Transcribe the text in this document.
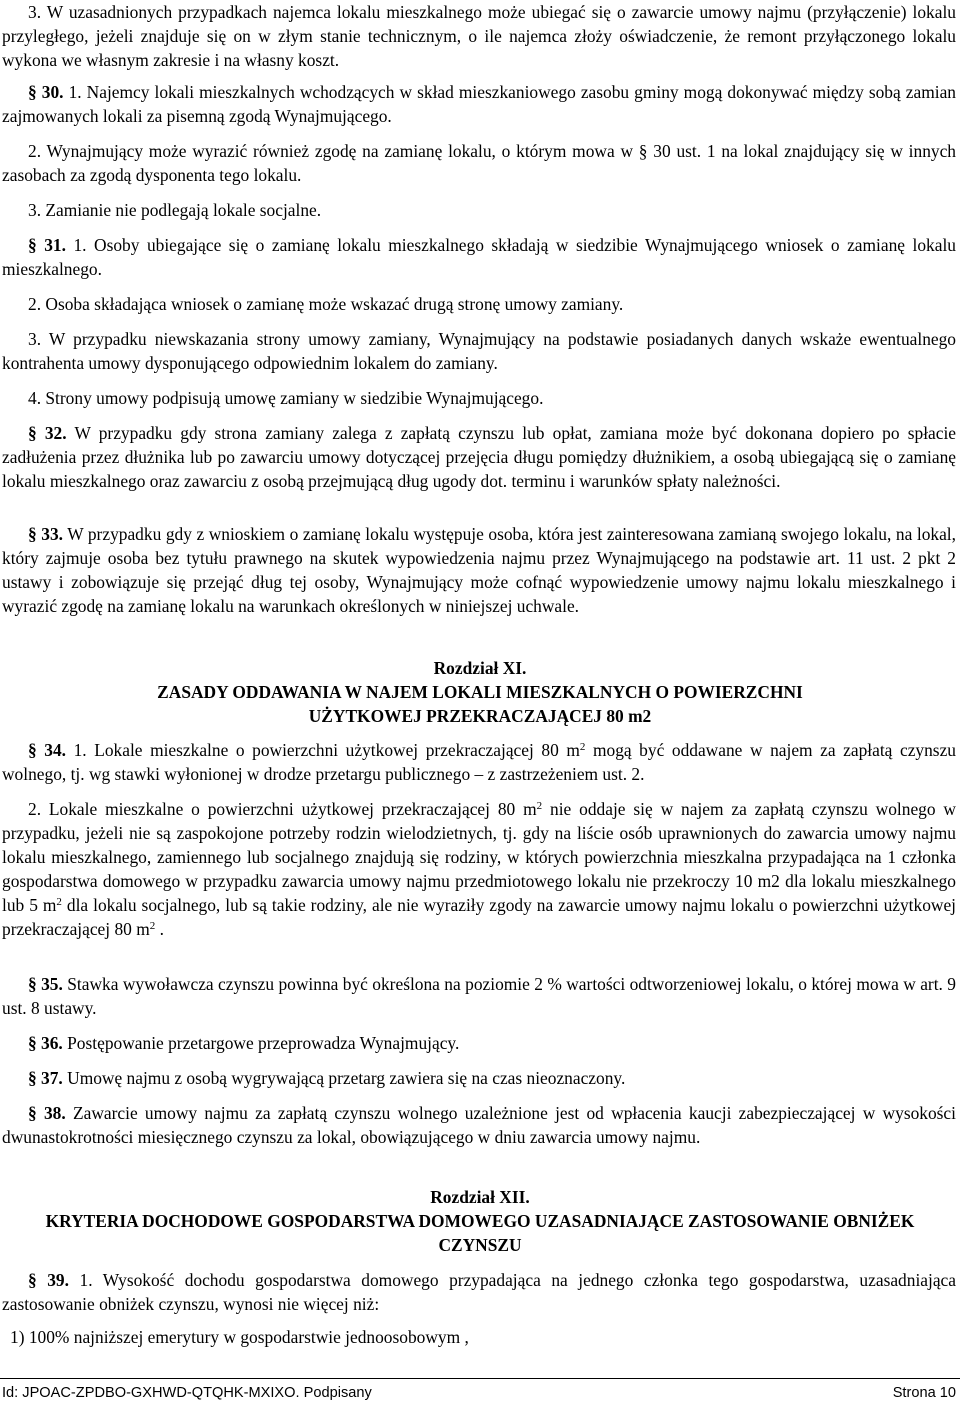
3. W uzasadnionych przypadkach najemca lokalu mieszkalnego może ubiegać się o zawarcie umowy najmu (przyłączenie) lokalu przyległego, jeżeli znajduje się on w złym stanie technicznym, o ile najemca złoży oświadczenie, że remont przyłączonego lokalu wykona we własnym zakresie i na własny koszt.

§ 30. 1. Najemcy lokali mieszkalnych wchodzących w skład mieszkaniowego zasobu gminy mogą dokonywać między sobą zamian zajmowanych lokali za pisemną zgodą Wynajmującego.

2. Wynajmujący może wyrazić również zgodę na zamianę lokalu, o którym mowa w § 30 ust. 1 na lokal znajdujący się w innych zasobach za zgodą dysponenta tego lokalu.

3. Zamianie nie podlegają lokale socjalne.

§ 31. 1. Osoby ubiegające się o zamianę lokalu mieszkalnego składają w siedzibie Wynajmującego wniosek o zamianę lokalu mieszkalnego.

2. Osoba składająca wniosek o zamianę może wskazać drugą stronę umowy zamiany.

3. W przypadku niewskazania strony umowy zamiany, Wynajmujący na podstawie posiadanych danych wskaże ewentualnego kontrahenta umowy dysponującego odpowiednim lokalem do zamiany.

4. Strony umowy podpisują umowę zamiany w siedzibie Wynajmującego.

§ 32. W przypadku gdy strona zamiany zalega z zapłatą czynszu lub opłat, zamiana może być dokonana dopiero po spłacie zadłużenia przez dłużnika lub po zawarciu umowy dotyczącej przejęcia długu pomiędzy dłużnikiem, a osobą ubiegającą się o zamianę lokalu mieszkalnego oraz zawarciu z osobą przejmującą dług ugody dot. terminu i warunków spłaty należności.

§ 33. W przypadku gdy z wnioskiem o zamianę lokalu występuje osoba, która jest zainteresowana zamianą swojego lokalu, na lokal, który zajmuje osoba bez tytułu prawnego na skutek wypowiedzenia najmu przez Wynajmującego na podstawie art. 11 ust. 2 pkt 2 ustawy i zobowiązuje się przejąć dług tej osoby, Wynajmujący może cofnąć wypowiedzenie umowy najmu lokalu mieszkalnego i wyrazić zgodę na zamianę lokalu na warunkach określonych w niniejszej uchwale.

Rozdział XI.

ZASADY ODDAWANIA W NAJEM LOKALI MIESZKALNYCH O POWIERZCHNI UŻYTKOWEJ PRZEKRACZAJĄCEJ 80 m2

§ 34. 1. Lokale mieszkalne o powierzchni użytkowej przekraczającej 80 $m^2$ mogą być oddawane w najem za zapłatą czynszu wolnego, tj. wg stawki wyłonionej w drodze przetargu publicznego – z zastrzeżeniem ust. 2.

2. Lokale mieszkalne o powierzchni użytkowej przekraczającej 80 $m^2$ nie oddaje się w najem za zapłatą czynszu wolnego w przypadku, jeżeli nie są zaspokojone potrzeby rodzin wielodzietnych, tj. gdy na liście osób uprawnionych do zawarcia umowy najmu lokalu mieszkalnego, zamiennego lub socjalnego znajdują się rodziny, w których powierzchnia mieszkalna przypadająca na 1 członka gospodarstwa domowego w przypadku zawarcia umowy najmu przedmiotowego lokalu nie przekroczy 10 m2 dla lokalu mieszkalnego lub 5 $m^2$ dla lokalu socjalnego, lub są takie rodziny, ale nie wyraziły zgody na zawarcie umowy najmu lokalu o powierzchni użytkowej przekraczającej 80 $m^2$ .

§ 35. Stawka wywoławcza czynszu powinna być określona na poziomie 2 % wartości odtworzeniowej lokalu, o której mowa w art. 9 ust. 8 ustawy.

§ 36. Postępowanie przetargowe przeprowadza Wynajmujący.

§ 37. Umowę najmu z osobą wygrywającą przetarg zawiera się na czas nieoznaczony.

§ 38. Zawarcie umowy najmu za zapłatą czynszu wolnego uzależnione jest od wpłacenia kaucji zabezpieczającej w wysokości dwunastokrotności miesięcznego czynszu za lokal, obowiązującego w dniu zawarcia umowy najmu.

Rozdział XII.

KRYTERIA DOCHODOWE GOSPODARSTWA DOMOWEGO UZASADNIAJĄCE ZASTOSOWANIE OBNIŻEK CZYNSZU

§ 39. 1. Wysokość dochodu gospodarstwa domowego przypadająca na jednego członka tego gospodarstwa, uzasadniająca zastosowanie obniżek czynszu, wynosi nie więcej niż:

1) 100% najniższej emerytury w gospodarstwie jednoosobowym ,

Id: JPOAC-ZPDBO-GXHWD-QTQHK-MXIXO. Podpisany	Strona 10
